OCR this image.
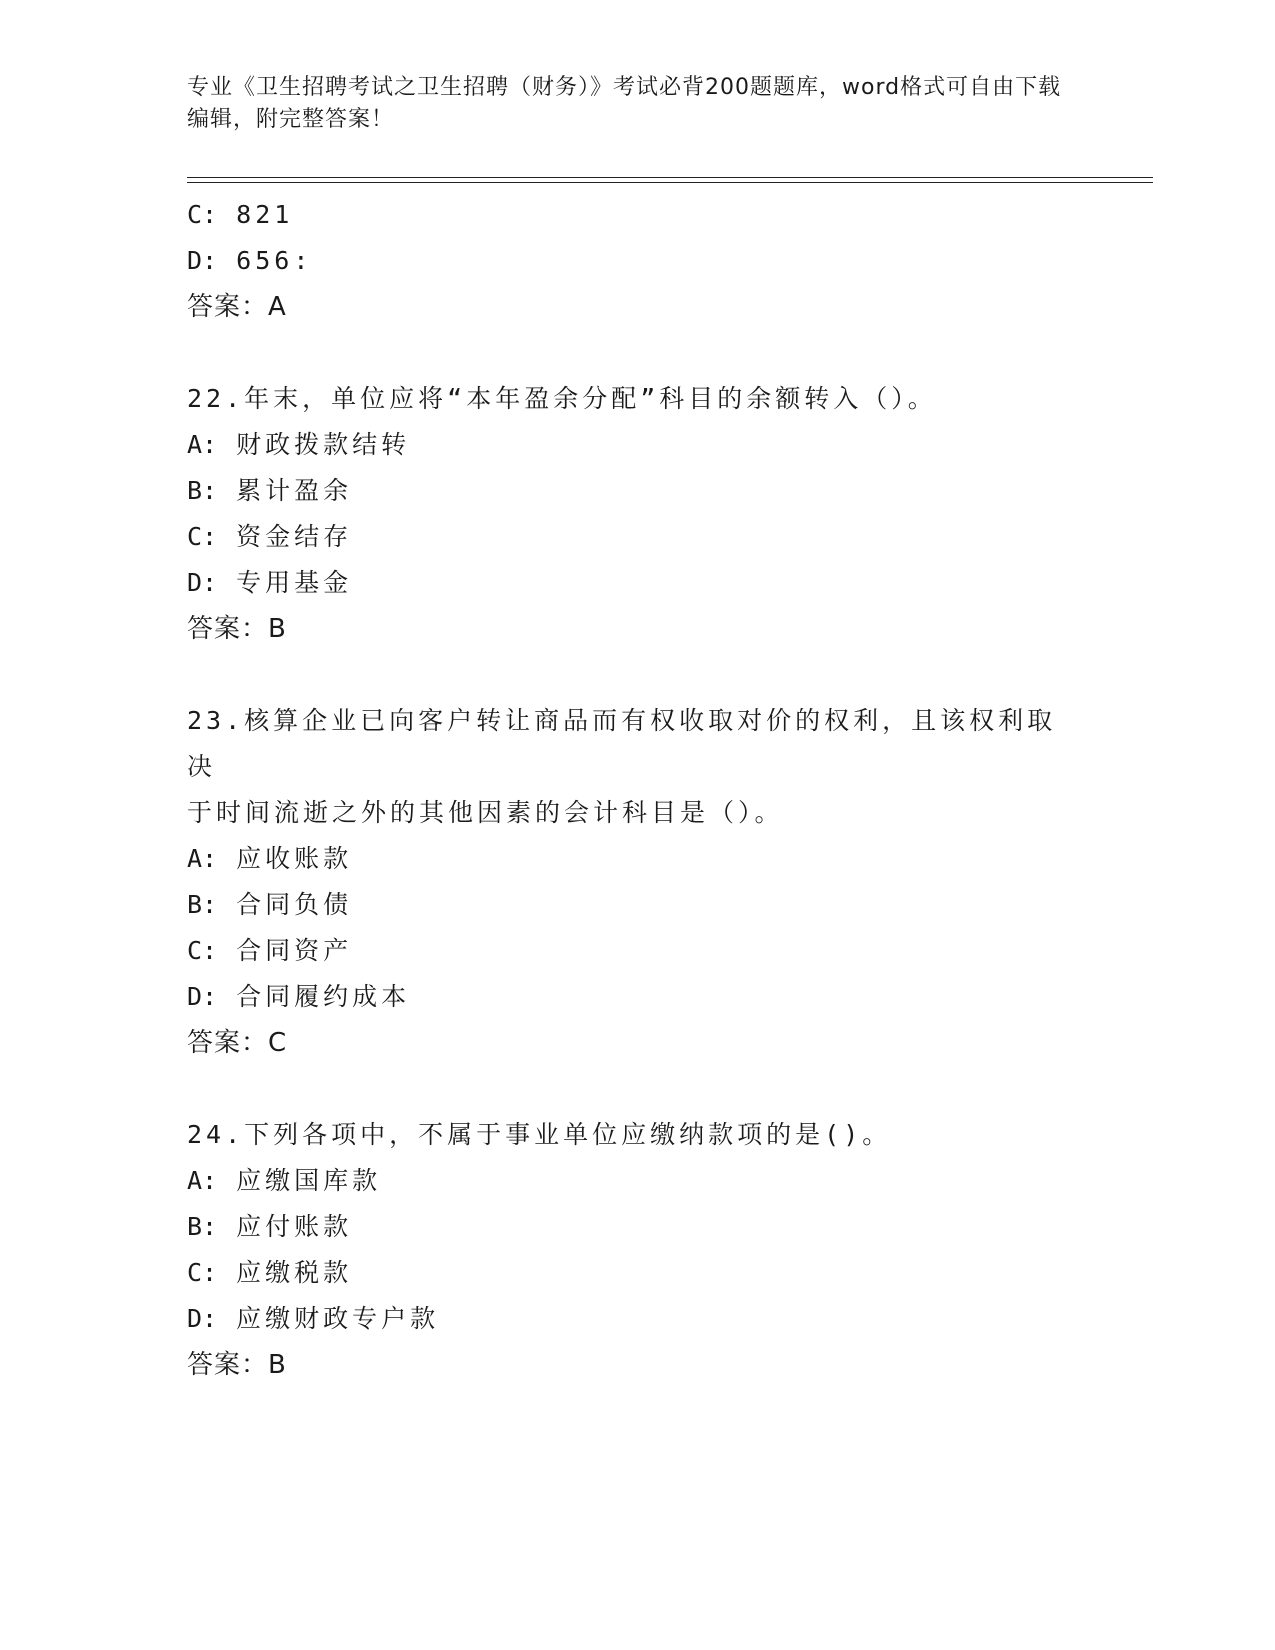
专业《卫生招聘考试之卫生招聘（财务）》考试必背200题题库，word格式可自由下载编辑，附完整答案！
C: 821
D: 656:
答案：A
22.年末，单位应将“本年盈余分配”科目的余额转入（）。
A: 财政拨款结转
B: 累计盈余
C: 资金结存
D: 专用基金
答案：B
23.核算企业已向客户转让商品而有权收取对价的权利，且该权利取决
于时间流逝之外的其他因素的会计科目是（）。
A: 应收账款
B: 合同负债
C: 合同资产
D: 合同履约成本
答案：C
24.下列各项中，不属于事业单位应缴纳款项的是()。
A: 应缴国库款
B: 应付账款
C: 应缴税款
D: 应缴财政专户款
答案：B
